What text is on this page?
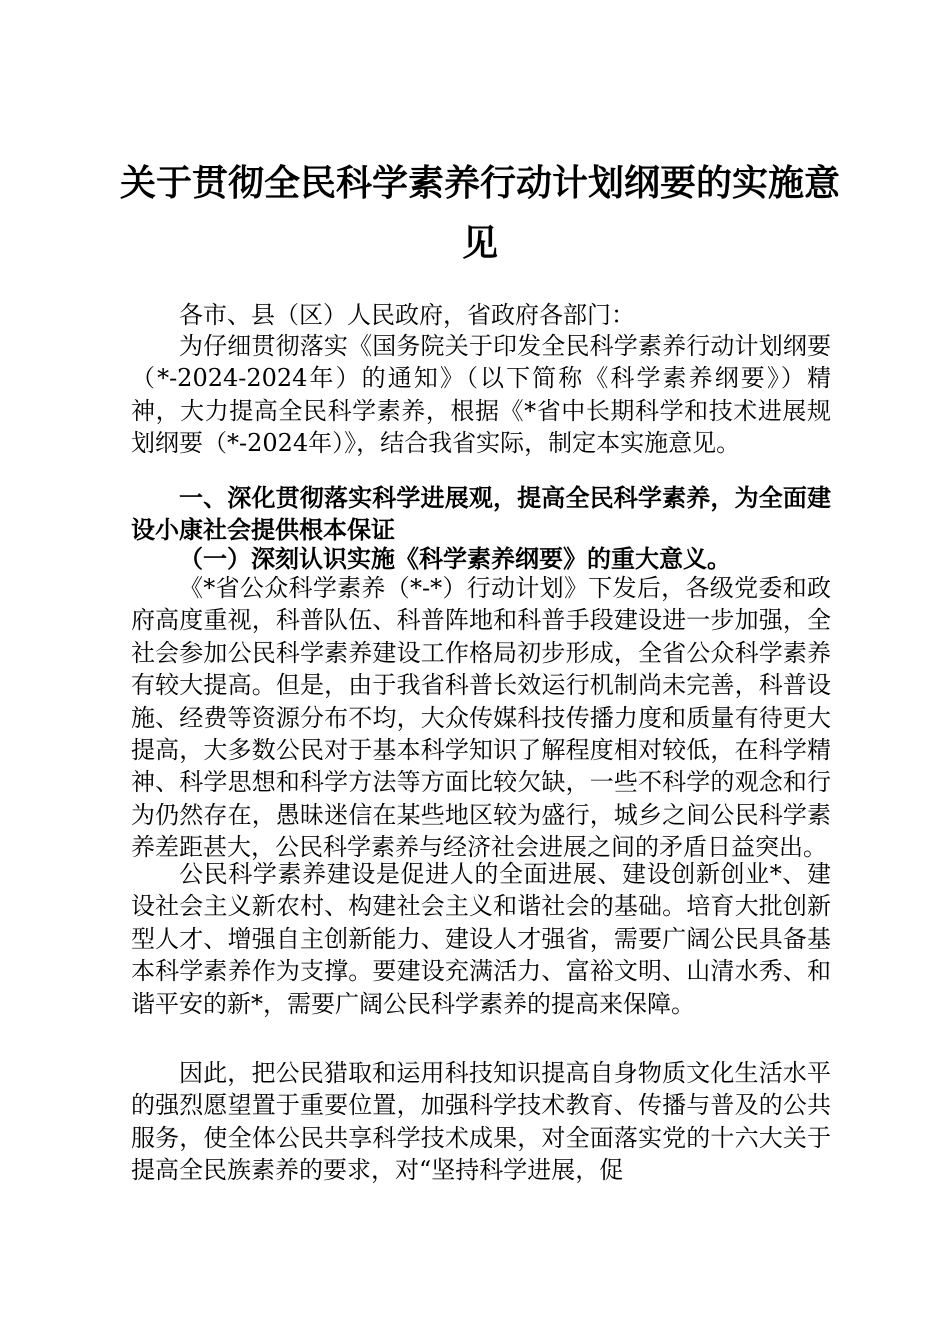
关于贯彻全民科学素养行动计划纲要的实施意
见

各市、县（区）人民政府，省政府各部门：

为仔细贯彻落实《国务院关于印发全民科学素养行动计划纲要（*-2024-2024年）的通知》（以下简称《科学素养纲要》）精神，大力提高全民科学素养，根据《*省中长期科学和技术进展规划纲要（*-2024年）》，结合我省实际，制定本实施意见。

一、深化贯彻落实科学进展观，提高全民科学素养，为全面建设小康社会提供根本保证

（一）深刻认识实施《科学素养纲要》的重大意义。

《*省公众科学素养（*-*）行动计划》下发后，各级党委和政府高度重视，科普队伍、科普阵地和科普手段建设进一步加强，全社会参加公民科学素养建设工作格局初步形成，全省公众科学素养有较大提高。但是，由于我省科普长效运行机制尚未完善，科普设施、经费等资源分布不均，大众传媒科技传播力度和质量有待更大提高，大多数公民对于基本科学知识了解程度相对较低，在科学精神、科学思想和科学方法等方面比较欠缺，一些不科学的观念和行为仍然存在，愚昧迷信在某些地区较为盛行，城乡之间公民科学素养差距甚大，公民科学素养与经济社会进展之间的矛盾日益突出。

公民科学素养建设是促进人的全面进展、建设创新创业*、建设社会主义新农村、构建社会主义和谐社会的基础。培育大批创新型人才、增强自主创新能力、建设人才强省，需要广阔公民具备基本科学素养作为支撑。要建设充满活力、富裕文明、山清水秀、和谐平安的新*，需要广阔公民科学素养的提高来保障。

因此，把公民猎取和运用科技知识提高自身物质文化生活水平的强烈愿望置于重要位置，加强科学技术教育、传播与普及的公共服务，使全体公民共享科学技术成果，对全面落实党的十六大关于提高全民族素养的要求，对“坚持科学进展，促
